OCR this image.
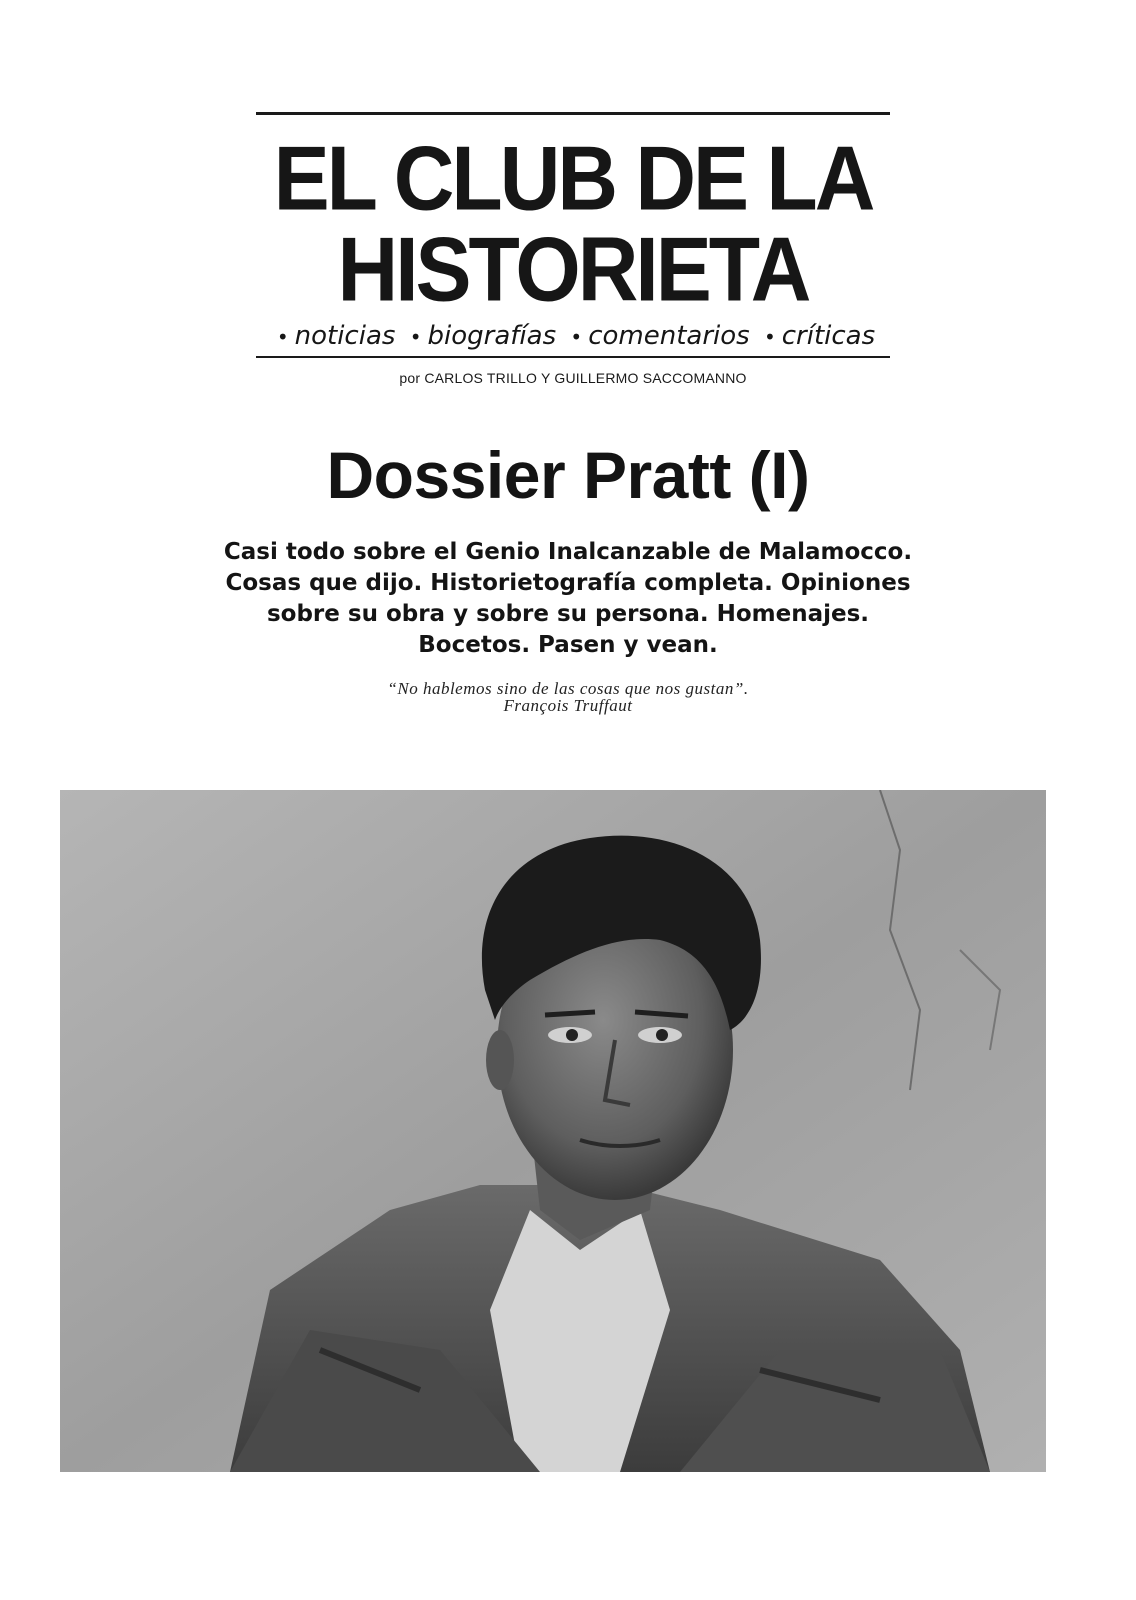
EL CLUB DE LA
HISTORIETA
• noticias • biografías • comentarios • críticas
por CARLOS TRILLO Y GUILLERMO SACCOMANNO
Dossier Pratt (I)
Casi todo sobre el Genio Inalcanzable de Malamocco.
Cosas que dijo. Historietografía completa. Opiniones
sobre su obra y sobre su persona. Homenajes.
Bocetos. Pasen y vean.
“No hablemos sino de las cosas que nos gustan”.
François Truffaut
